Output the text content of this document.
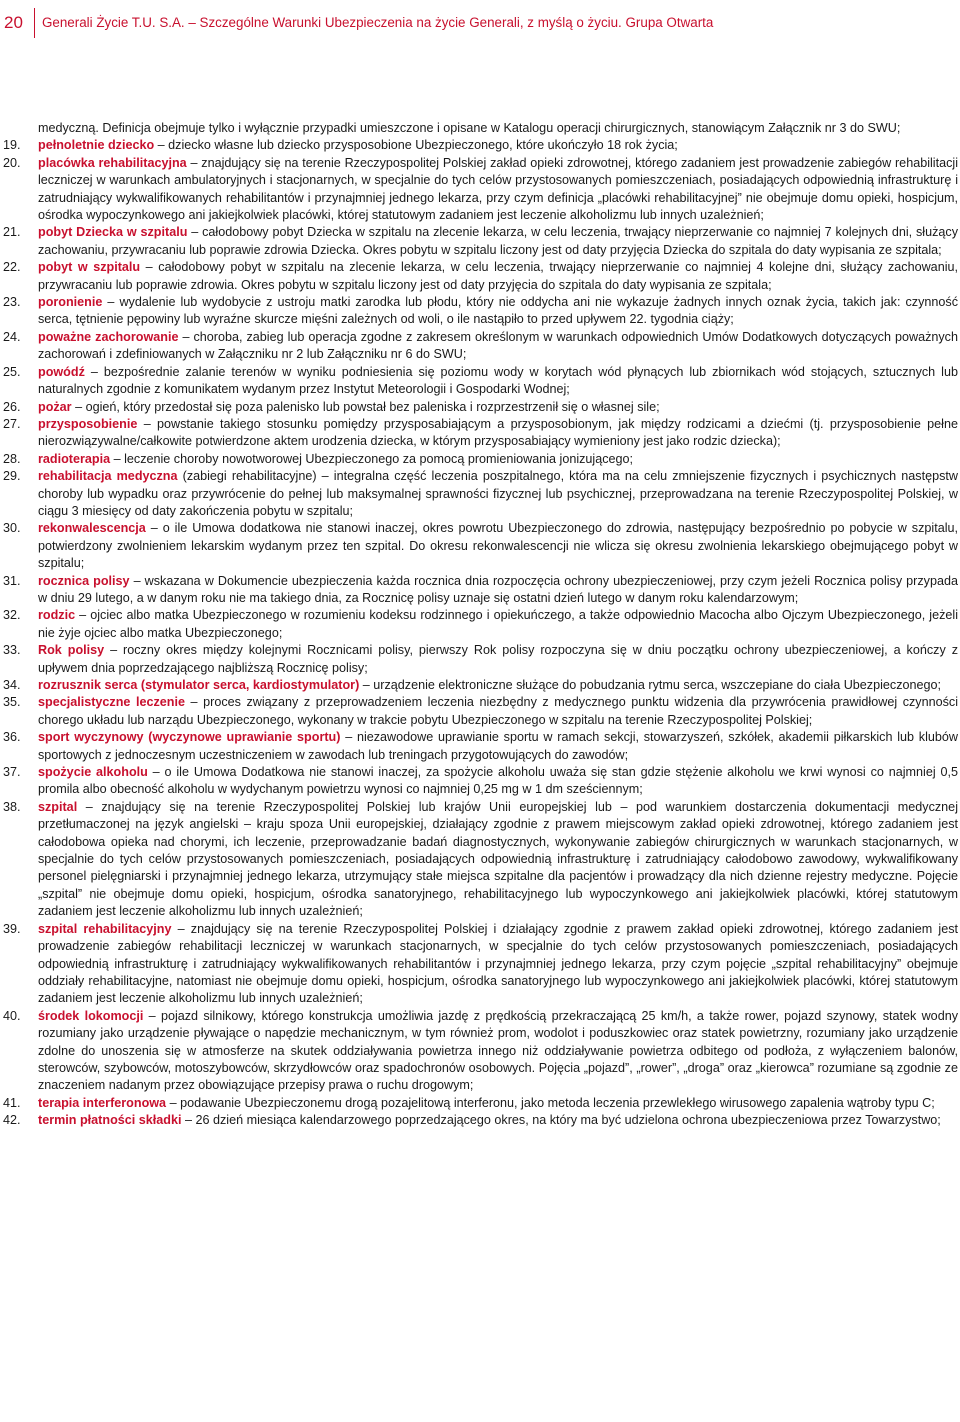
20 Generali Życie T.U. S.A. – Szczególne Warunki Ubezpieczenia na życie Generali, z myślą o życiu. Grupa Otwarta
medyczną. Definicja obejmuje tylko i wyłącznie przypadki umieszczone i opisane w Katalogu operacji chirurgicznych, stanowiącym Załącznik nr 3 do SWU;
19.	pełnoletnie dziecko – dziecko własne lub dziecko przysposobione Ubezpieczonego, które ukończyło 18 rok życia;
20.	placówka rehabilitacyjna – znajdujący się na terenie Rzeczypospolitej Polskiej zakład opieki zdrowotnej, którego zadaniem jest prowadzenie zabiegów rehabilitacji leczniczej w warunkach ambulatoryjnych i stacjonarnych, w specjalnie do tych celów przystosowanych pomieszczeniach, posiadających odpowiednią infrastrukturę i zatrudniający wykwalifikowanych rehabilitantów i przynajmniej jednego lekarza, przy czym definicja „placówki rehabilitacyjnej” nie obejmuje domu opieki, hospicjum, ośrodka wypoczynkowego ani jakiejkolwiek placówki, której statutowym zadaniem jest leczenie alkoholizmu lub innych uzależnień;
21.	pobyt Dziecka w szpitalu – całodobowy pobyt Dziecka w szpitalu na zlecenie lekarza, w celu leczenia, trwający nieprzerwanie co najmniej 7 kolejnych dni, służący zachowaniu, przywracaniu lub poprawie zdrowia Dziecka. Okres pobytu w szpitalu liczony jest od daty przyjęcia Dziecka do szpitala do daty wypisania ze szpitala;
22.	pobyt w szpitalu – całodobowy pobyt w szpitalu na zlecenie lekarza, w celu leczenia, trwający nieprzerwanie co najmniej 4 kolejne dni, służący zachowaniu, przywracaniu lub poprawie zdrowia. Okres pobytu w szpitalu liczony jest od daty przyjęcia do szpitala do daty wypisania ze szpitala;
23.	poronienie – wydalenie lub wydobycie z ustroju matki zarodka lub płodu, który nie oddycha ani nie wykazuje żadnych innych oznak życia, takich jak: czynność serca, tętnienie pępowiny lub wyraźne skurcze mięśni zależnych od woli, o ile nastąpiło to przed upływem 22. tygodnia ciąży;
24.	poważne zachorowanie – choroba, zabieg lub operacja zgodne z zakresem określonym w warunkach odpowiednich Umów Dodatkowych dotyczących poważnych zachorowań i zdefiniowanych w Załączniku nr 2 lub Załączniku nr 6 do SWU;
25.	powódź – bezpośrednie zalanie terenów w wyniku podniesienia się poziomu wody w korytach wód płynących lub zbiornikach wód stojących, sztucznych lub naturalnych zgodnie z komunikatem wydanym przez Instytut Meteorologii i Gospodarki Wodnej;
26.	pożar – ogień, który przedostał się poza palenisko lub powstał bez paleniska i rozprzestrzenił się o własnej sile;
27.	przysposobienie – powstanie takiego stosunku pomiędzy przysposabiającym a przysposobionym, jak między rodzicami a dziećmi (tj. przysposobienie pełne nierozwiązywalne/całkowite potwierdzone aktem urodzenia dziecka, w którym przysposabiający wymieniony jest jako rodzic dziecka);
28.	radioterapia – leczenie choroby nowotworowej Ubezpieczonego za pomocą promieniowania jonizującego;
29.	rehabilitacja medyczna (zabiegi rehabilitacyjne) – integralna część leczenia poszpitalnego, która ma na celu zmniejszenie fizycznych i psychicznych następstw choroby lub wypadku oraz przywrócenie do pełnej lub maksymalnej sprawności fizycznej lub psychicznej, przeprowadzana na terenie Rzeczypospolitej Polskiej, w ciągu 3 miesięcy od daty zakończenia pobytu w szpitalu;
30.	rekonwalescencja – o ile Umowa dodatkowa nie stanowi inaczej, okres powrotu Ubezpieczonego do zdrowia, następujący bezpośrednio po pobycie w szpitalu, potwierdzony zwolnieniem lekarskim wydanym przez ten szpital. Do okresu rekonwalescencji nie wlicza się okresu zwolnienia lekarskiego obejmującego pobyt w szpitalu;
31.	rocznica polisy – wskazana w Dokumencie ubezpieczenia każda rocznica dnia rozpoczęcia ochrony ubezpieczeniowej, przy czym jeżeli Rocznica polisy przypada w dniu 29 lutego, a w danym roku nie ma takiego dnia, za Rocznicę polisy uznaje się ostatni dzień lutego w danym roku kalendarzowym;
32.	rodzic – ojciec albo matka Ubezpieczonego w rozumieniu kodeksu rodzinnego i opiekuńczego, a także odpowiednio Macocha albo Ojczym Ubezpieczonego, jeżeli nie żyje ojciec albo matka Ubezpieczonego;
33.	Rok polisy – roczny okres między kolejnymi Rocznicami polisy, pierwszy Rok polisy rozpoczyna się w dniu początku ochrony ubezpieczeniowej, a kończy z upływem dnia poprzedzającego najbliższą Rocznicę polisy;
34.	rozrusznik serca (stymulator serca, kardiostymulator) – urządzenie elektroniczne służące do pobudzania rytmu serca, wszczepiane do ciała Ubezpieczonego;
35.	specjalistyczne leczenie – proces związany z przeprowadzeniem leczenia niezbędny z medycznego punktu widzenia dla przywrócenia prawidłowej czynności chorego układu lub narządu Ubezpieczonego, wykonany w trakcie pobytu Ubezpieczonego w szpitalu na terenie Rzeczypospolitej Polskiej;
36.	sport wyczynowy (wyczynowe uprawianie sportu) – niezawodowe uprawianie sportu w ramach sekcji, stowarzyszeń, szkółek, akademii piłkarskich lub klubów sportowych z jednoczesnym uczestniczeniem w zawodach lub treningach przygotowujących do zawodów;
37.	spożycie alkoholu – o ile Umowa Dodatkowa nie stanowi inaczej, za spożycie alkoholu uważa się stan gdzie stężenie alkoholu we krwi wynosi co najmniej 0,5 promila albo obecność alkoholu w wydychanym powietrzu wynosi co najmniej 0,25 mg w 1 dm sześciennym;
38.	szpital – znajdujący się na terenie Rzeczypospolitej Polskiej lub krajów Unii europejskiej lub – pod warunkiem dostarczenia dokumentacji medycznej przetłumaczonej na język angielski – kraju spoza Unii europejskiej, działający zgodnie z prawem miejscowym zakład opieki zdrowotnej, którego zadaniem jest całodobowa opieka nad chorymi, ich leczenie, przeprowadzanie badań diagnostycznych, wykonywanie zabiegów chirurgicznych w warunkach stacjonarnych, w specjalnie do tych celów przystosowanych pomieszczeniach, posiadających odpowiednią infrastrukturę i zatrudniający całodobowo zawodowy, wykwalifikowany personel pielęgniarski i przynajmniej jednego lekarza, utrzymujący stałe miejsca szpitalne dla pacjentów i prowadzący dla nich dzienne rejestry medyczne. Pojęcie „szpital” nie obejmuje domu opieki, hospicjum, ośrodka sanatoryjnego, rehabilitacyjnego lub wypoczynkowego ani jakiejkolwiek placówki, której statutowym zadaniem jest leczenie alkoholizmu lub innych uzależnień;
39.	szpital rehabilitacyjny – znajdujący się na terenie Rzeczypospolitej Polskiej i działający zgodnie z prawem zakład opieki zdrowotnej, którego zadaniem jest prowadzenie zabiegów rehabilitacji leczniczej w warunkach stacjonarnych, w specjalnie do tych celów przystosowanych pomieszczeniach, posiadających odpowiednią infrastrukturę i zatrudniający wykwalifikowanych rehabilitantów i przynajmniej jednego lekarza, przy czym pojęcie „szpital rehabilitacyjny” obejmuje oddziały rehabilitacyjne, natomiast nie obejmuje domu opieki, hospicjum, ośrodka sanatoryjnego lub wypoczynkowego ani jakiejkolwiek placówki, której statutowym zadaniem jest leczenie alkoholizmu lub innych uzależnień;
40.	środek lokomocji – pojazd silnikowy, którego konstrukcja umożliwia jazdę z prędkością przekraczającą 25 km/h, a także rower, pojazd szynowy, statek wodny rozumiany jako urządzenie pływające o napędzie mechanicznym, w tym również prom, wodolot i poduszkowiec oraz statek powietrzny, rozumiany jako urządzenie zdolne do unoszenia się w atmosferze na skutek oddziaływania powietrza innego niż oddziaływanie powietrza odbitego od podłoża, z wyłączeniem balonów, sterowców, szybowców, motoszybowców, skrzydłowców oraz spadochronów osobowych. Pojęcia „pojazd”, „rower”, „droga” oraz „kierowca” rozumiane są zgodnie ze znaczeniem nadanym przez obowiązujące przepisy prawa o ruchu drogowym;
41.	terapia interferonowa – podawanie Ubezpieczonemu drogą pozajelitową interferonu, jako metoda leczenia przewlekłego wirusowego zapalenia wątroby typu C;
42.	termin płatności składki – 26 dzień miesiąca kalendarzowego poprzedzającego okres, na który ma być udzielona ochrona ubezpieczeniowa przez Towarzystwo;
